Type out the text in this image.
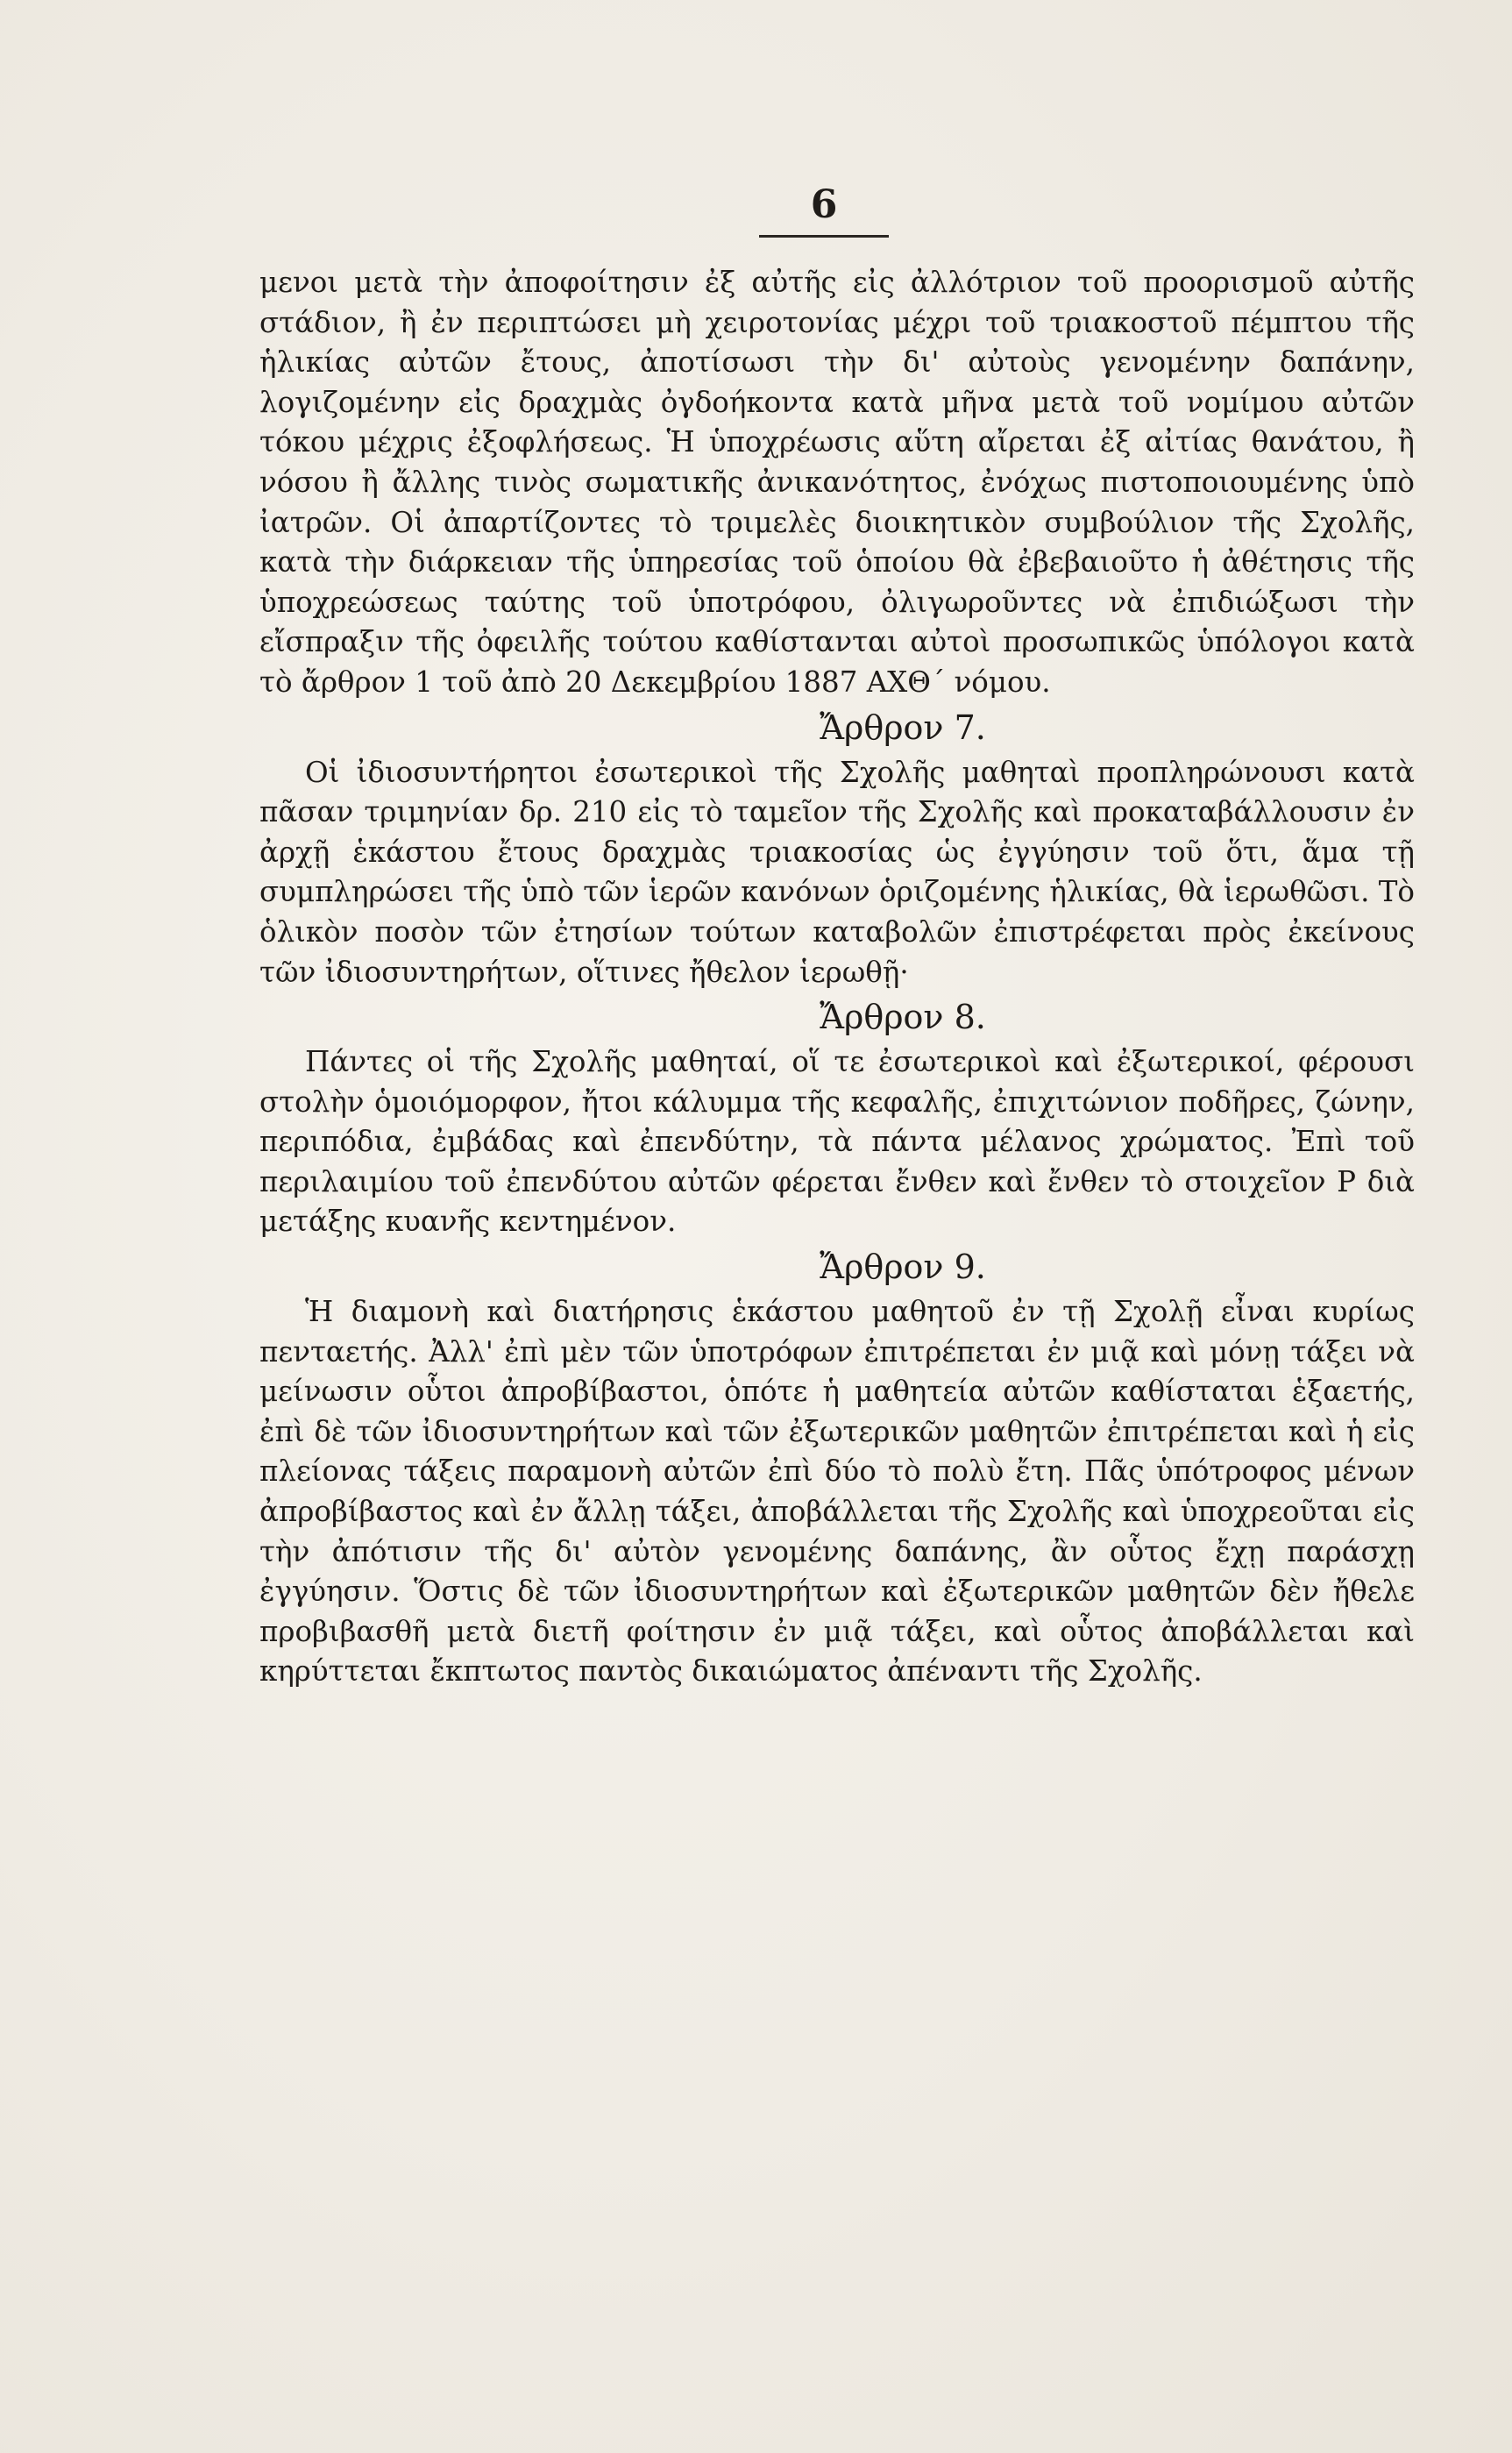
6

μενοι μετὰ τὴν ἀποφοίτησιν ἐξ αὐτῆς εἰς ἀλλότριον τοῦ προορισμοῦ αὐτῆς στάδιον, ἢ ἐν περιπτώσει μὴ χειροτονίας μέχρι τοῦ τριακοστοῦ πέμπτου τῆς ἡλικίας αὐτῶν ἔτους, ἀποτίσωσι τὴν δι' αὐτοὺς γενομένην δαπάνην, λογιζομένην εἰς δραχμὰς ὀγδοήκοντα κατὰ μῆνα μετὰ τοῦ νομίμου αὐτῶν τόκου μέχρις ἐξοφλήσεως. Ἡ ὑποχρέωσις αὕτη αἴρεται ἐξ αἰτίας θανάτου, ἢ νόσου ἢ ἄλλης τινὸς σωματικῆς ἀνικανότητος, ἐνόχως πιστοποιουμένης ὑπὸ ἰατρῶν. Οἱ ἀπαρτίζοντες τὸ τριμελὲς διοικητικὸν συμβούλιον τῆς Σχολῆς, κατὰ τὴν διάρκειαν τῆς ὑπηρεσίας τοῦ ὁποίου θὰ ἐβεβαιοῦτο ἡ ἀθέτησις τῆς ὑποχρεώσεως ταύτης τοῦ ὑποτρόφου, ὀλιγωροῦντες νὰ ἐπιδιώξωσι τὴν εἴσπραξιν τῆς ὀφειλῆς τούτου καθίστανται αὐτοὶ προσωπικῶς ὑπόλογοι κατὰ τὸ ἄρθρον 1 τοῦ ἀπὸ 20 Δεκεμβρίου 1887 ΑΧΘ΄ νόμου.

Ἄρθρον 7.

Οἱ ἰδιοσυντήρητοι ἐσωτερικοὶ τῆς Σχολῆς μαθηταὶ προπληρώνουσι κατὰ πᾶσαν τριμηνίαν δρ. 210 εἰς τὸ ταμεῖον τῆς Σχολῆς καὶ προκαταβάλλουσιν ἐν ἀρχῇ ἑκάστου ἔτους δραχμὰς τριακοσίας ὡς ἐγγύησιν τοῦ ὅτι, ἅμα τῇ συμπληρώσει τῆς ὑπὸ τῶν ἱερῶν κανόνων ὁριζομένης ἡλικίας, θὰ ἱερωθῶσι. Τὸ ὁλικὸν ποσὸν τῶν ἐτησίων τούτων καταβολῶν ἐπιστρέφεται πρὸς ἐκείνους τῶν ἰδιοσυντηρήτων, οἵτινες ἤθελον ἱερωθῇ·

Ἄρθρον 8.

Πάντες οἱ τῆς Σχολῆς μαθηταί, οἵ τε ἐσωτερικοὶ καὶ ἐξωτερικοί, φέρουσι στολὴν ὁμοιόμορφον, ἤτοι κάλυμμα τῆς κεφαλῆς, ἐπιχιτώνιον ποδῆρες, ζώνην, περιπόδια, ἐμβάδας καὶ ἐπενδύτην, τὰ πάντα μέλανος χρώματος. Ἐπὶ τοῦ περιλαιμίου τοῦ ἐπενδύτου αὐτῶν φέρεται ἔνθεν καὶ ἔνθεν τὸ στοιχεῖον Ρ διὰ μετάξης κυανῆς κεντημένον.

Ἄρθρον 9.

Ἡ διαμονὴ καὶ διατήρησις ἑκάστου μαθητοῦ ἐν τῇ Σχολῇ εἶναι κυρίως πενταετής. Ἀλλ' ἐπὶ μὲν τῶν ὑποτρόφων ἐπιτρέπεται ἐν μιᾷ καὶ μόνῃ τάξει νὰ μείνωσιν οὗτοι ἀπροβίβαστοι, ὁπότε ἡ μαθητεία αὐτῶν καθίσταται ἑξαετής, ἐπὶ δὲ τῶν ἰδιοσυντηρήτων καὶ τῶν ἐξωτερικῶν μαθητῶν ἐπιτρέπεται καὶ ἡ εἰς πλείονας τάξεις παραμονὴ αὐτῶν ἐπὶ δύο τὸ πολὺ ἔτη. Πᾶς ὑπότροφος μένων ἀπροβίβαστος καὶ ἐν ἄλλῃ τάξει, ἀποβάλλεται τῆς Σχολῆς καὶ ὑποχρεοῦται εἰς τὴν ἀπότισιν τῆς δι' αὐτὸν γενομένης δαπάνης, ἂν οὗτος ἔχῃ παράσχῃ ἐγγύησιν. Ὅστις δὲ τῶν ἰδιοσυντηρήτων καὶ ἐξωτερικῶν μαθητῶν δὲν ἤθελε προβιβασθῆ μετὰ διετῆ φοίτησιν ἐν μιᾷ τάξει, καὶ οὗτος ἀποβάλλεται καὶ κηρύττεται ἔκπτωτος παντὸς δικαιώματος ἀπέναντι τῆς Σχολῆς.
